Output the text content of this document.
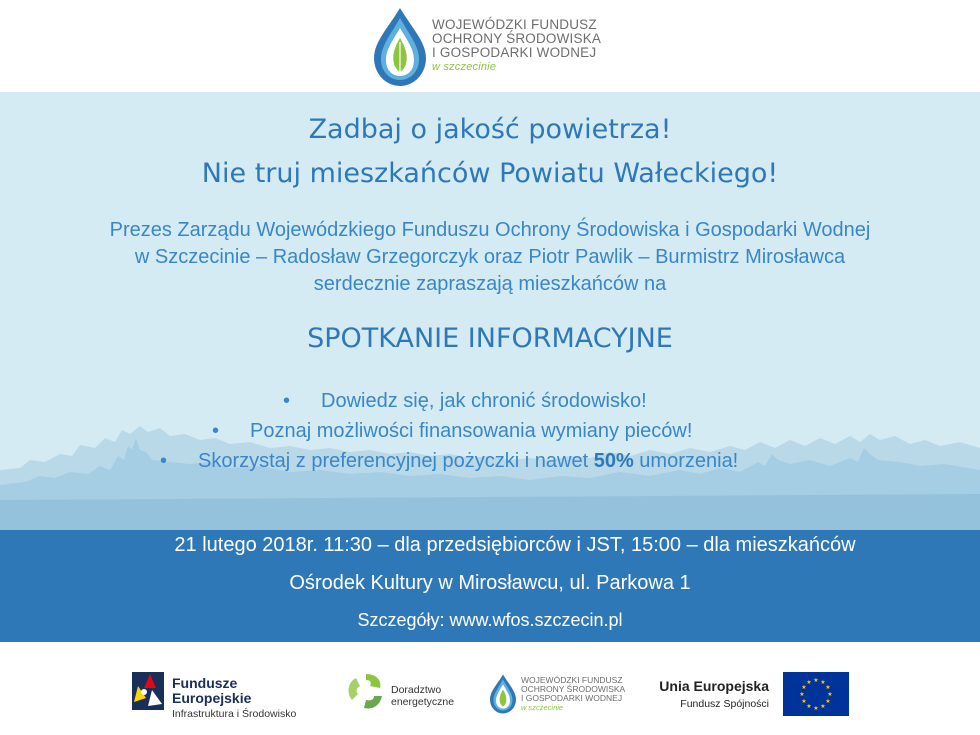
WOJEWÓDZKI FUNDUSZ
OCHRONY ŚRODOWISKA
I GOSPODARKI WODNEJ
w szczecinie
Zadbaj o jakość powietrza!
Nie truj mieszkańców Powiatu Wałeckiego!
Prezes Zarządu Wojewódzkiego Funduszu Ochrony Środowiska i Gospodarki Wodnej
w Szczecinie – Radosław Grzegorczyk oraz Piotr Pawlik – Burmistrz Mirosławca
serdecznie zapraszają mieszkańców na
SPOTKANIE INFORMACYJNE
• Dowiedz się, jak chronić środowisko!
• Poznaj możliwości finansowania wymiany pieców!
• Skorzystaj z preferencyjnej pożyczki i nawet 50% umorzenia!
21 lutego 2018r. 11:30 – dla przedsiębiorców i JST, 15:00 – dla mieszkańców
Ośrodek Kultury w Mirosławcu, ul. Parkowa 1
Szczegóły: www.wfos.szczecin.pl
Fundusze
Europejskie
Infrastruktura i Środowisko
Doradztwo
energetyczne
WOJEWÓDZKI FUNDUSZ
OCHRONY ŚRODOWISKA
I GOSPODARKI WODNEJ
w szczecinie
Unia Europejska
Fundusz Spójności
★ ★
★
★
★
★
★
★
★
★
★
★
